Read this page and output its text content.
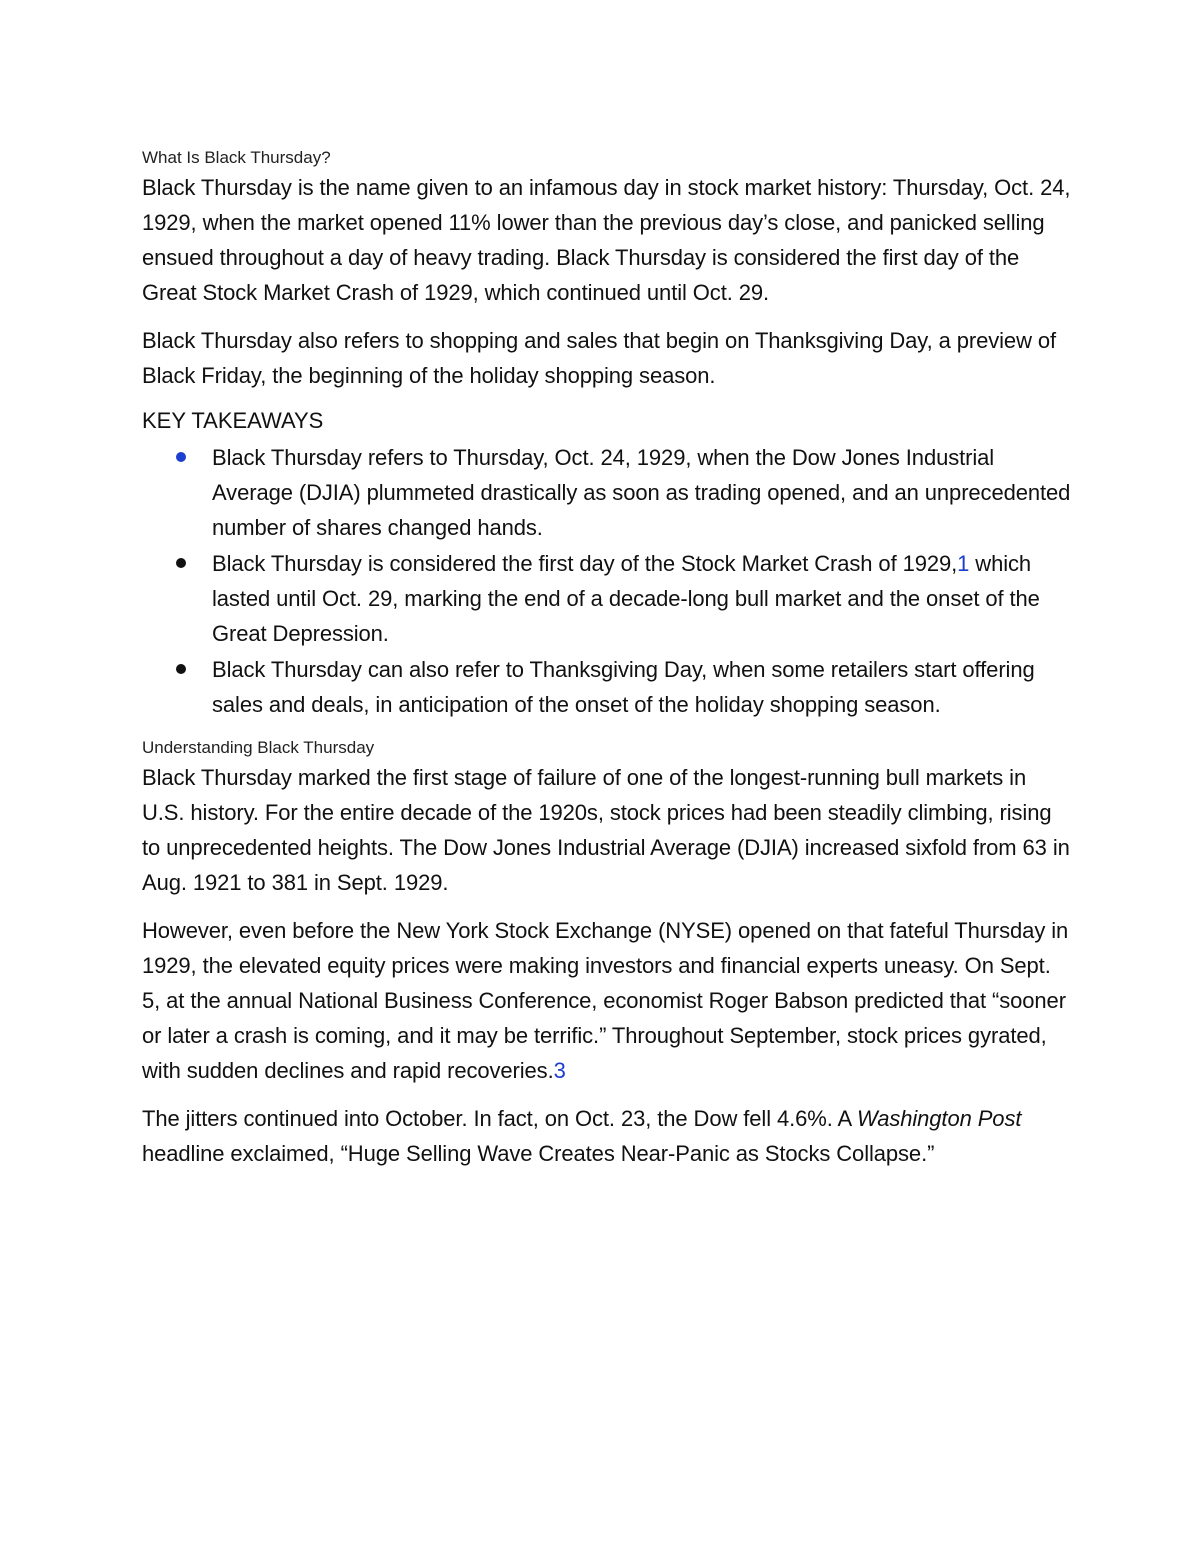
What Is Black Thursday?

Black Thursday is the name given to an infamous day in stock market history: Thursday, Oct. 24, 1929, when the market opened 11% lower than the previous day’s close, and panicked selling ensued throughout a day of heavy trading. Black Thursday is considered the first day of the Great Stock Market Crash of 1929, which continued until Oct. 29.

Black Thursday also refers to shopping and sales that begin on Thanksgiving Day, a preview of Black Friday, the beginning of the holiday shopping season.

KEY TAKEAWAYS

Black Thursday refers to Thursday, Oct. 24, 1929, when the Dow Jones Industrial Average (DJIA) plummeted drastically as soon as trading opened, and an unprecedented number of shares changed hands.
Black Thursday is considered the first day of the Stock Market Crash of 1929,1 which lasted until Oct. 29, marking the end of a decade-long bull market and the onset of the Great Depression.
Black Thursday can also refer to Thanksgiving Day, when some retailers start offering sales and deals, in anticipation of the onset of the holiday shopping season.

Understanding Black Thursday

Black Thursday marked the first stage of failure of one of the longest-running bull markets in U.S. history. For the entire decade of the 1920s, stock prices had been steadily climbing, rising to unprecedented heights. The Dow Jones Industrial Average (DJIA) increased sixfold from 63 in Aug. 1921 to 381 in Sept. 1929.

However, even before the New York Stock Exchange (NYSE) opened on that fateful Thursday in 1929, the elevated equity prices were making investors and financial experts uneasy. On Sept. 5, at the annual National Business Conference, economist Roger Babson predicted that “sooner or later a crash is coming, and it may be terrific.” Throughout September, stock prices gyrated, with sudden declines and rapid recoveries.3

The jitters continued into October. In fact, on Oct. 23, the Dow fell 4.6%. A Washington Post headline exclaimed, “Huge Selling Wave Creates Near-Panic as Stocks Collapse.”
